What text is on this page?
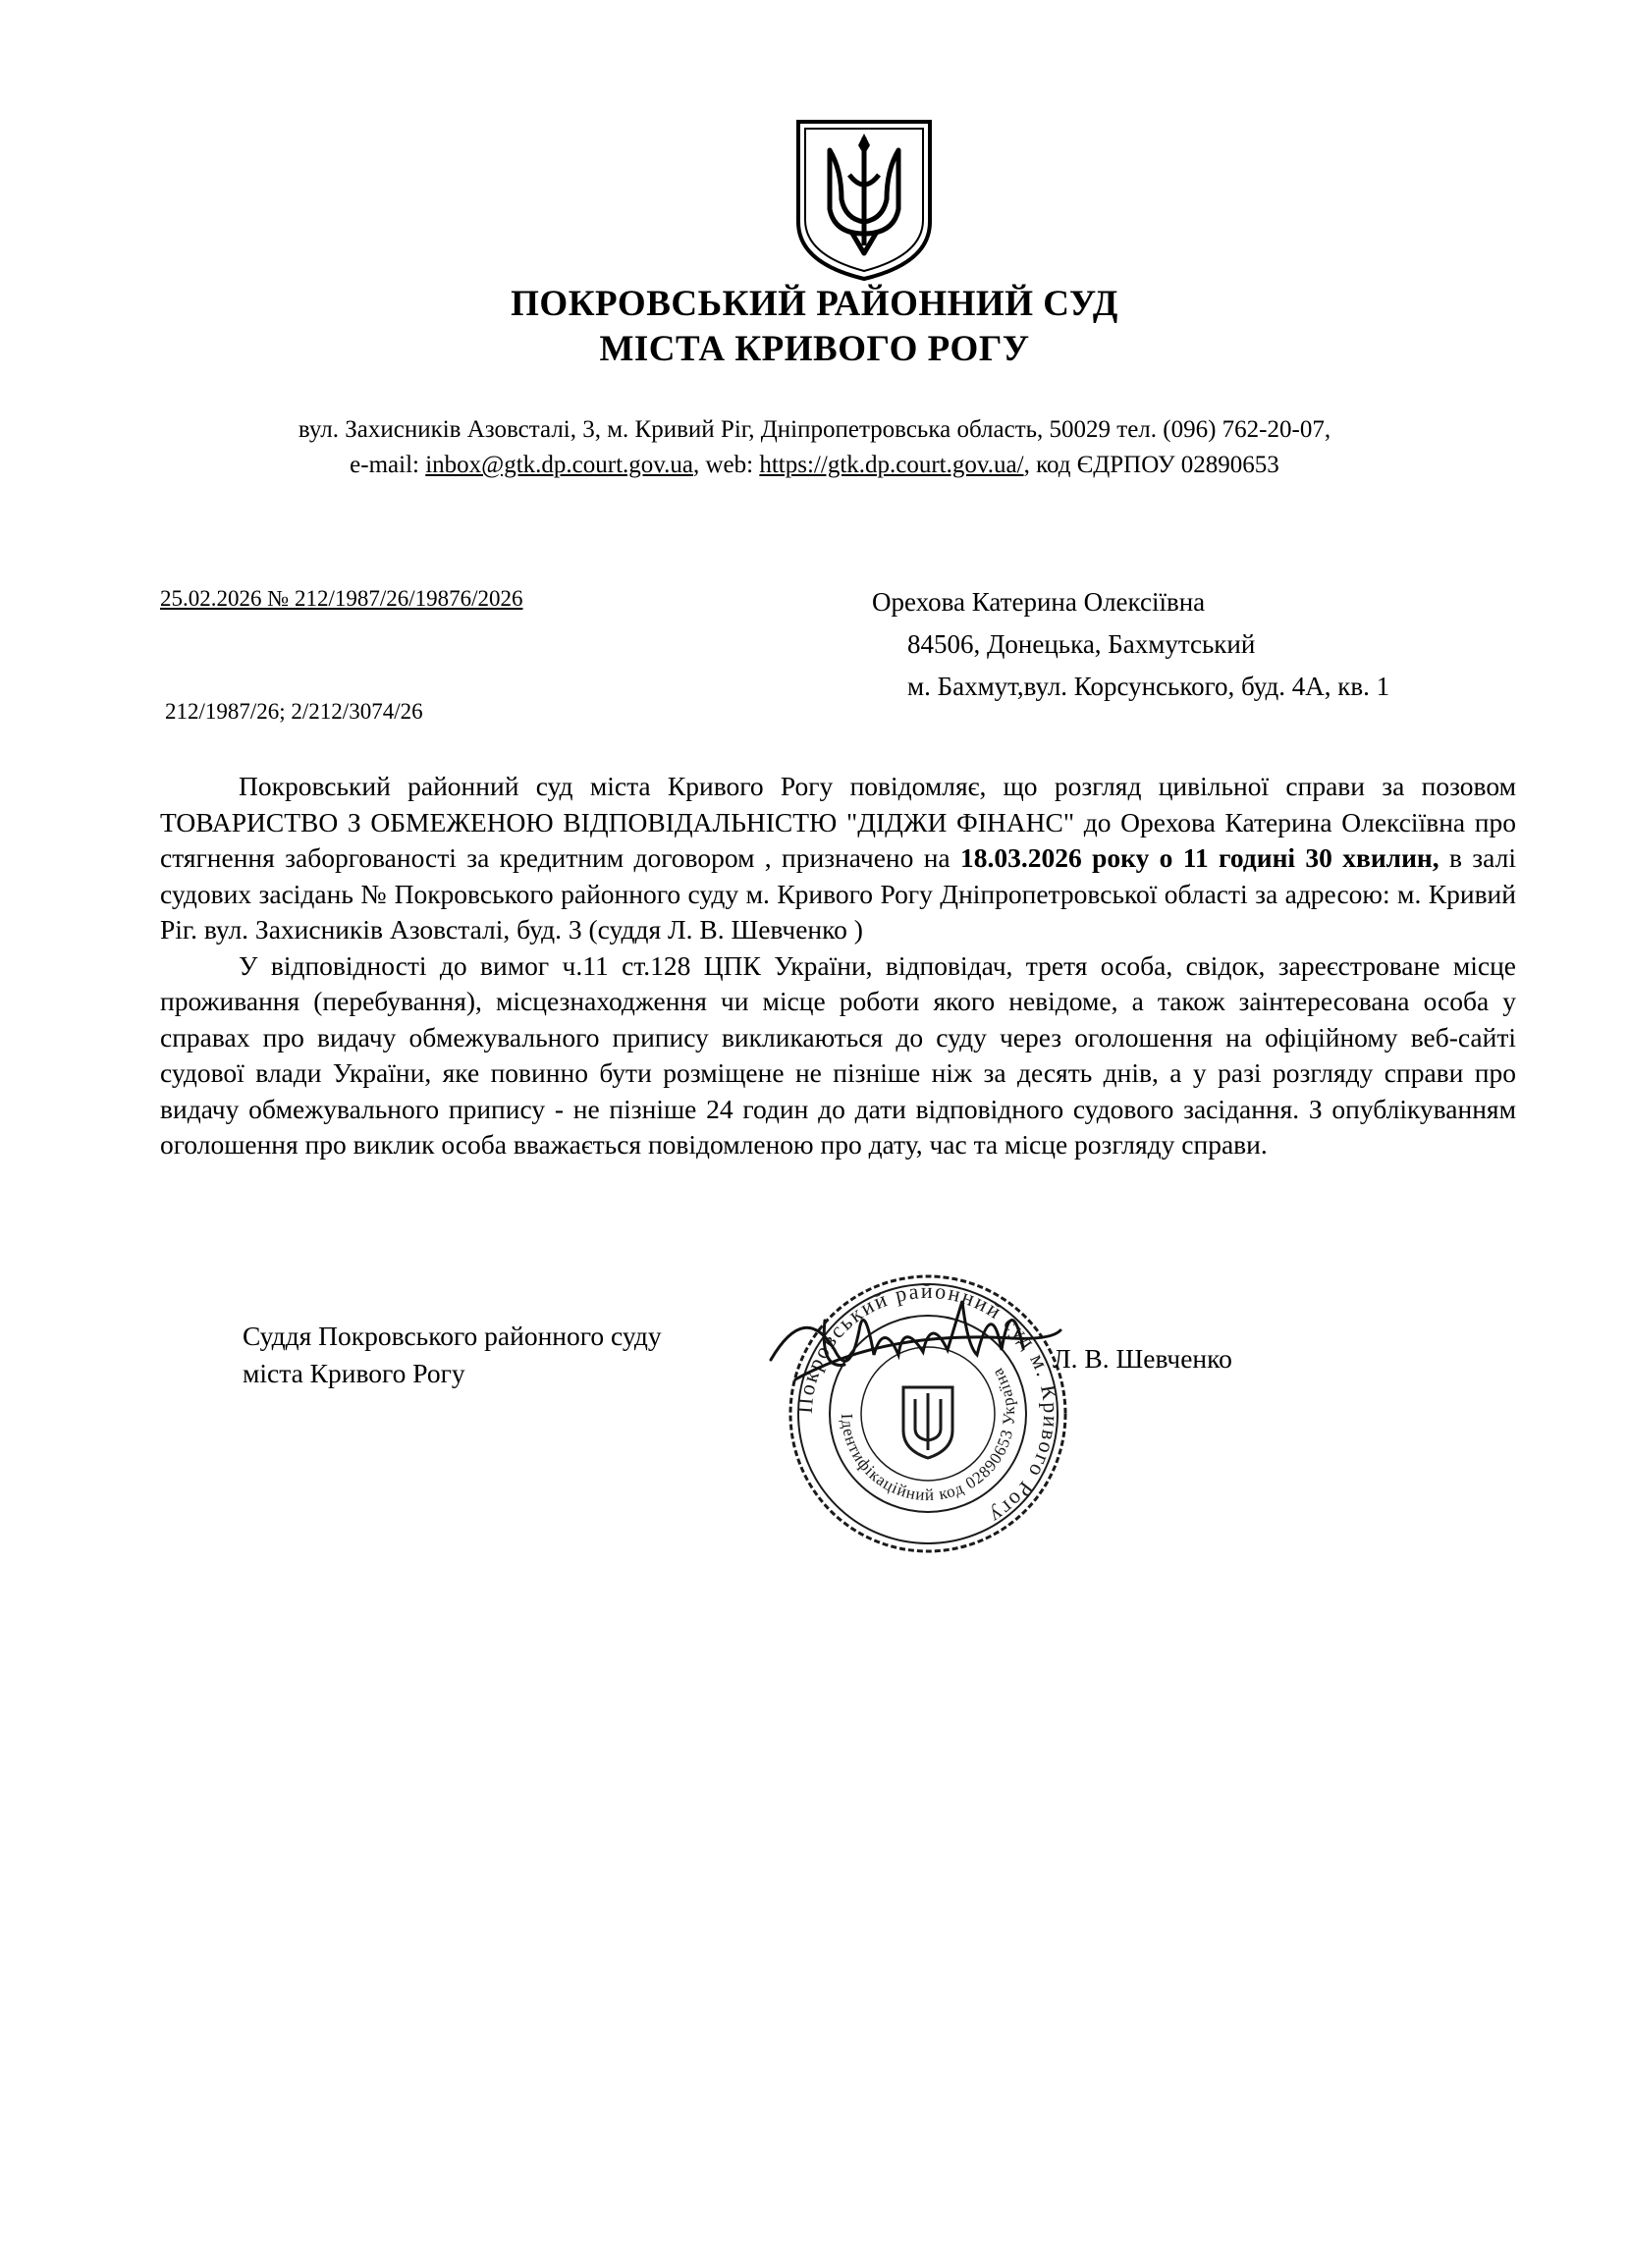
ПОКРОВСЬКИЙ РАЙОННИЙ СУД
МІСТА КРИВОГО РОГУ
вул. Захисників Азовсталі, 3, м. Кривий Ріг, Дніпропетровська область, 50029 тел. (096) 762-20-07,
e-mail: inbox@gtk.dp.court.gov.ua, web: https://gtk.dp.court.gov.ua/, код ЄДРПОУ 02890653
25.02.2026 № 212/1987/26/19876/2026
212/1987/26; 2/212/3074/26
Орехова Катерина Олексіївна
84506, Донецька, Бахмутський
м. Бахмут,вул. Корсунського, буд. 4А, кв. 1

Покровський районний суд міста Кривого Рогу повідомляє, що розгляд цивільної справи за позовом ТОВАРИСТВО З ОБМЕЖЕНОЮ ВІДПОВІДАЛЬНІСТЮ "ДІДЖИ ФІНАНС" до Орехова Катерина Олексіївна про стягнення заборгованості за кредитним договором , призначено на 18.03.2026 року о 11 годині 30 хвилин, в залі судових засідань № Покровського районного суду м. Кривого Рогу Дніпропетровської області за адресою: м. Кривий Ріг. вул. Захисників Азовсталі, буд. 3 (суддя Л. В. Шевченко )

У відповідності до вимог ч.11 ст.128 ЦПК України, відповідач, третя особа, свідок, зареєстроване місце проживання (перебування), місцезнаходження чи місце роботи якого невідоме, а також заінтересована особа у справах про видачу обмежувального припису викликаються до суду через оголошення на офіційному веб-сайті судової влади України, яке повинно бути розміщене не пізніше ніж за десять днів, а у разі розгляду справи про видачу обмежувального припису - не пізніше 24 годин до дати відповідного судового засідання. З опублікуванням оголошення про виклик особа вважається повідомленою про дату, час та місце розгляду справи.

Суддя Покровського районного суду
міста Кривого Рогу
Покровський районний суд м. Кривого Рогу
Ідентифікаційний код 02890653 Україна	Л. В. Шевченко
